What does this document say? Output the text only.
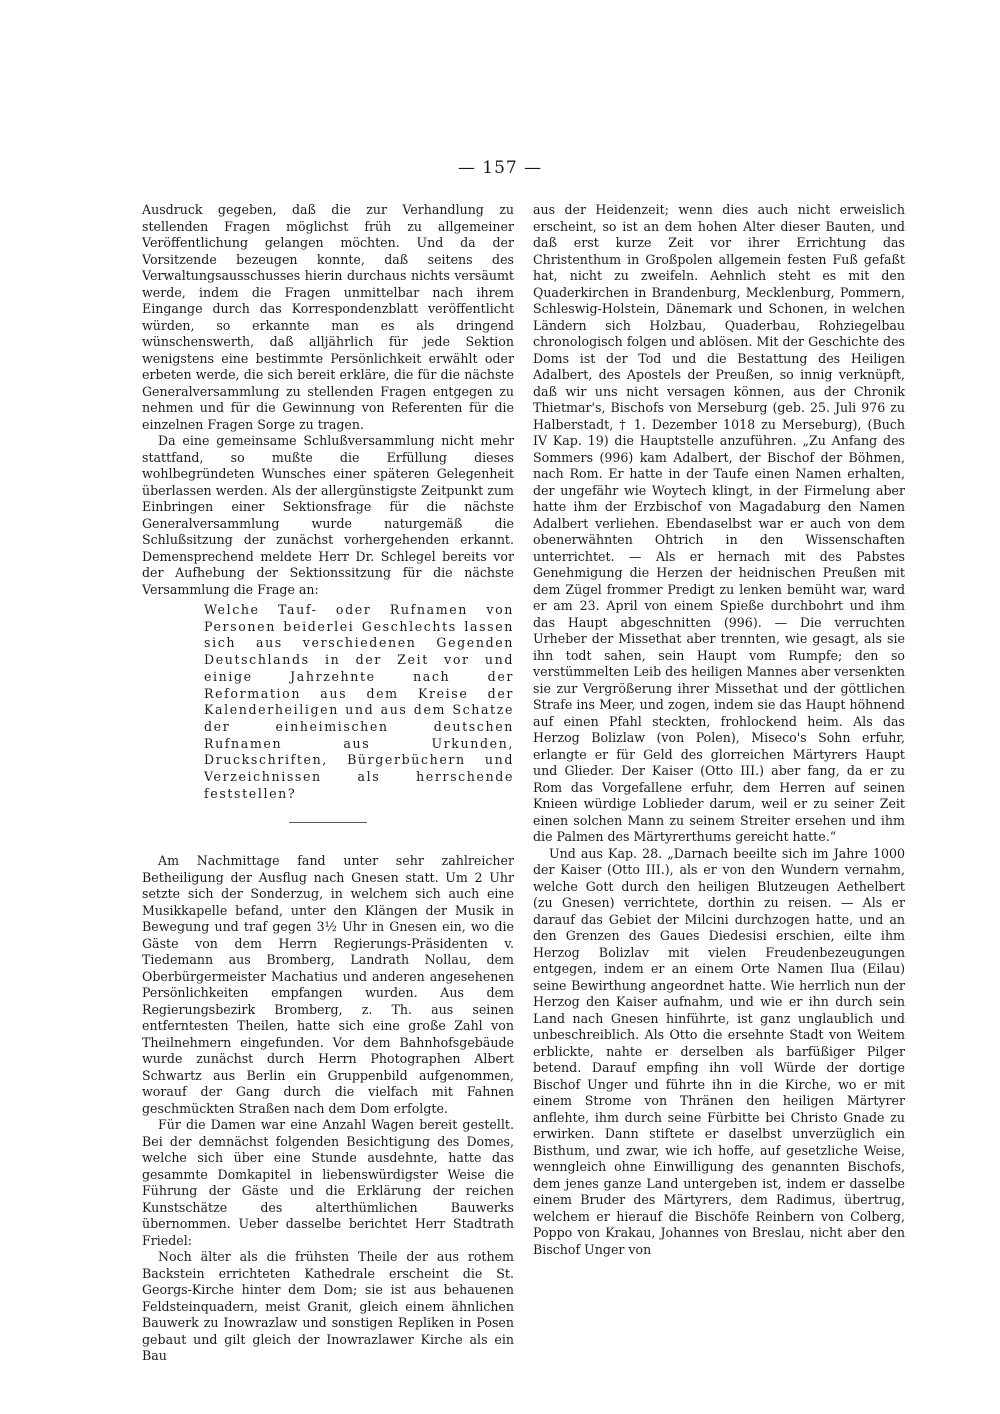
— 157 —

Ausdruck gegeben, daß die zur Verhandlung zu stellenden Fragen möglichst früh zu allgemeiner Veröffentlichung gelangen möchten. Und da der Vorsitzende bezeugen konnte, daß seitens des Verwaltungsausschusses hierin durchaus nichts versäumt werde, indem die Fragen unmittelbar nach ihrem Eingange durch das Korrespondenzblatt veröffentlicht würden, so erkannte man es als dringend wünschenswerth, daß alljährlich für jede Sektion wenigstens eine bestimmte Persönlichkeit erwählt oder erbeten werde, die sich bereit erkläre, die für die nächste Generalversammlung zu stellenden Fragen entgegen zu nehmen und für die Gewinnung von Referenten für die einzelnen Fragen Sorge zu tragen.

Da eine gemeinsame Schlußversammlung nicht mehr stattfand, so mußte die Erfüllung dieses wohlbegründeten Wunsches einer späteren Gelegenheit überlassen werden. Als der allergünstigste Zeitpunkt zum Einbringen einer Sektionsfrage für die nächste Generalversammlung wurde naturgemäß die Schlußsitzung der zunächst vorhergehenden erkannt. Demensprechend meldete Herr Dr. Schlegel bereits vor der Aufhebung der Sektionssitzung für die nächste Versammlung die Frage an:

Welche Tauf- oder Rufnamen von Personen beiderlei Geschlechts lassen sich aus verschiedenen Gegenden Deutschlands in der Zeit vor und einige Jahrzehnte nach der Reformation aus dem Kreise der Kalenderheiligen und aus dem Schatze der einheimischen deutschen Rufnamen aus Urkunden, Druckschriften, Bürgerbüchern und Verzeichnissen als herrschende feststellen?

Am Nachmittage fand unter sehr zahlreicher Betheiligung der Ausflug nach Gnesen statt. Um 2 Uhr setzte sich der Sonderzug, in welchem sich auch eine Musikkapelle befand, unter den Klängen der Musik in Bewegung und traf gegen 3½ Uhr in Gnesen ein, wo die Gäste von dem Herrn Regierungs-Präsidenten v. Tiedemann aus Bromberg, Landrath Nollau, dem Oberbürgermeister Machatius und anderen angesehenen Persönlichkeiten empfangen wurden. Aus dem Regierungsbezirk Bromberg, z. Th. aus seinen entferntesten Theilen, hatte sich eine große Zahl von Theilnehmern eingefunden. Vor dem Bahnhofsgebäude wurde zunächst durch Herrn Photographen Albert Schwartz aus Berlin ein Gruppenbild aufgenommen, worauf der Gang durch die vielfach mit Fahnen geschmückten Straßen nach dem Dom erfolgte.

Für die Damen war eine Anzahl Wagen bereit gestellt. Bei der demnächst folgenden Besichtigung des Domes, welche sich über eine Stunde ausdehnte, hatte das gesammte Domkapitel in liebenswürdigster Weise die Führung der Gäste und die Erklärung der reichen Kunstschätze des alterthümlichen Bauwerks übernommen. Ueber dasselbe berichtet Herr Stadtrath Friedel:

Noch älter als die frühsten Theile der aus rothem Backstein errichteten Kathedrale erscheint die St. Georgs-Kirche hinter dem Dom; sie ist aus behauenen Feldsteinquadern, meist Granit, gleich einem ähnlichen Bauwerk zu Inowrazlaw und sonstigen Repliken in Posen gebaut und gilt gleich der Inowrazlawer Kirche als ein Bau

aus der Heidenzeit; wenn dies auch nicht erweislich erscheint, so ist an dem hohen Alter dieser Bauten, und daß erst kurze Zeit vor ihrer Errichtung das Christenthum in Großpolen allgemein festen Fuß gefaßt hat, nicht zu zweifeln. Aehnlich steht es mit den Quaderkirchen in Brandenburg, Mecklenburg, Pommern, Schleswig-Holstein, Dänemark und Schonen, in welchen Ländern sich Holzbau, Quaderbau, Rohziegelbau chronologisch folgen und ablösen. Mit der Geschichte des Doms ist der Tod und die Bestattung des Heiligen Adalbert, des Apostels der Preußen, so innig verknüpft, daß wir uns nicht versagen können, aus der Chronik Thietmar's, Bischofs von Merseburg (geb. 25. Juli 976 zu Halberstadt, † 1. Dezember 1018 zu Merseburg), (Buch IV Kap. 19) die Hauptstelle anzuführen. „Zu Anfang des Sommers (996) kam Adalbert, der Bischof der Böhmen, nach Rom. Er hatte in der Taufe einen Namen erhalten, der ungefähr wie Woytech klingt, in der Firmelung aber hatte ihm der Erzbischof von Magadaburg den Namen Adalbert verliehen. Ebendaselbst war er auch von dem obenerwähnten Ohtrich in den Wissenschaften unterrichtet. — Als er hernach mit des Pabstes Genehmigung die Herzen der heidnischen Preußen mit dem Zügel frommer Predigt zu lenken bemüht war, ward er am 23. April von einem Spieße durchbohrt und ihm das Haupt abgeschnitten (996). — Die verruchten Urheber der Missethat aber trennten, wie gesagt, als sie ihn todt sahen, sein Haupt vom Rumpfe; den so verstümmelten Leib des heiligen Mannes aber versenkten sie zur Vergrößerung ihrer Missethat und der göttlichen Strafe ins Meer, und zogen, indem sie das Haupt höhnend auf einen Pfahl steckten, frohlockend heim. Als das Herzog Bolizlaw (von Polen), Miseco's Sohn erfuhr, erlangte er für Geld des glorreichen Märtyrers Haupt und Glieder. Der Kaiser (Otto III.) aber fang, da er zu Rom das Vorgefallene erfuhr, dem Herren auf seinen Knieen würdige Loblieder darum, weil er zu seiner Zeit einen solchen Mann zu seinem Streiter ersehen und ihm die Palmen des Märtyrerthums gereicht hatte.“

Und aus Kap. 28. „Darnach beeilte sich im Jahre 1000 der Kaiser (Otto III.), als er von den Wundern vernahm, welche Gott durch den heiligen Blutzeugen Aethelbert (zu Gnesen) verrichtete, dorthin zu reisen. — Als er darauf das Gebiet der Milcini durchzogen hatte, und an den Grenzen des Gaues Diedesisi erschien, eilte ihm Herzog Bolizlav mit vielen Freudenbezeugungen entgegen, indem er an einem Orte Namen Ilua (Eilau) seine Bewirthung angeordnet hatte. Wie herrlich nun der Herzog den Kaiser aufnahm, und wie er ihn durch sein Land nach Gnesen hinführte, ist ganz unglaublich und unbeschreiblich. Als Otto die ersehnte Stadt von Weitem erblickte, nahte er derselben als barfüßiger Pilger betend. Darauf empfing ihn voll Würde der dortige Bischof Unger und führte ihn in die Kirche, wo er mit einem Strome von Thränen den heiligen Märtyrer anflehte, ihm durch seine Fürbitte bei Christo Gnade zu erwirken. Dann stiftete er daselbst unverzüglich ein Bisthum, und zwar, wie ich hoffe, auf gesetzliche Weise, wenngleich ohne Einwilligung des genannten Bischofs, dem jenes ganze Land untergeben ist, indem er dasselbe einem Bruder des Märtyrers, dem Radimus, übertrug, welchem er hierauf die Bischöfe Reinbern von Colberg, Poppo von Krakau, Johannes von Breslau, nicht aber den Bischof Unger von
